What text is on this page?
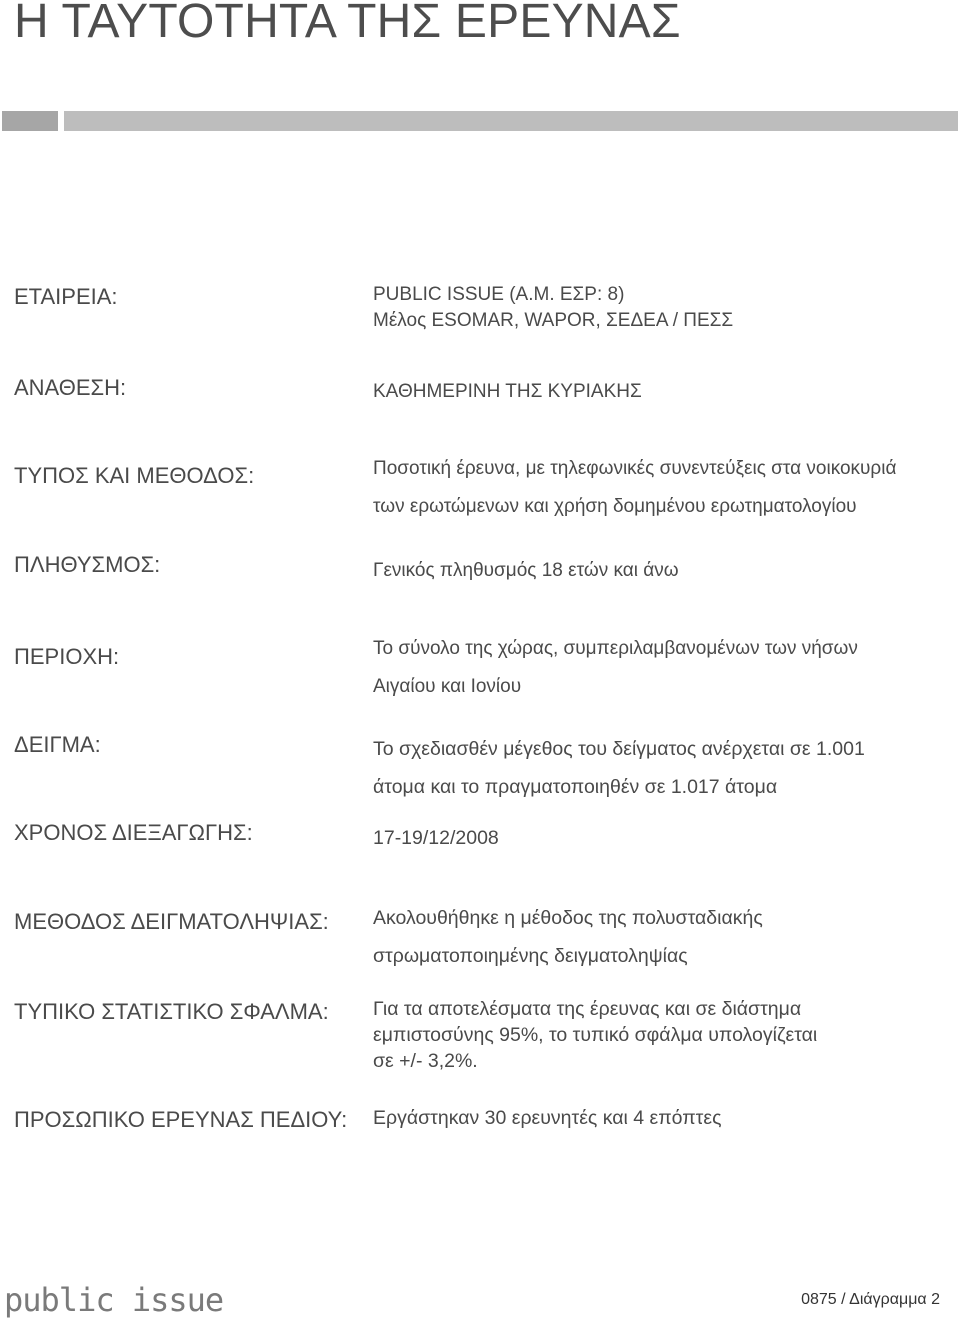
Η ΤΑΥΤΟΤΗΤΑ ΤΗΣ ΕΡΕΥΝΑΣ
ΕΤΑΙΡΕΙΑ:	PUBLIC ISSUE (A.M. ΕΣΡ: 8)
Μέλος ESOMAR, WAPOR, ΣΕΔΕΑ / ΠΕΣΣ
ΑΝΑΘΕΣΗ:	ΚΑΘΗΜΕΡΙΝΗ ΤΗΣ ΚΥΡΙΑΚΗΣ
ΤΥΠΟΣ ΚΑΙ ΜΕΘΟΔΟΣ:	Ποσοτική έρευνα, με τηλεφωνικές συνεντεύξεις στα νοικοκυριά
των ερωτώμενων και χρήση δομημένου ερωτηματολογίου
ΠΛΗΘΥΣΜΟΣ:	Γενικός πληθυσμός 18 ετών και άνω
ΠΕΡΙΟΧΗ:	Το σύνολο της χώρας, συμπεριλαμβανομένων των νήσων
Αιγαίου και Ιονίου
ΔΕΙΓΜΑ:	Το σχεδιασθέν μέγεθος του δείγματος ανέρχεται σε 1.001
άτομα και το πραγματοποιηθέν σε 1.017 άτομα
ΧΡΟΝΟΣ ΔΙΕΞΑΓΩΓΗΣ:	17-19/12/2008
ΜΕΘΟΔΟΣ ΔΕΙΓΜΑΤΟΛΗΨΙΑΣ: Ακολουθήθηκε η μέθοδος της πολυσταδιακής
στρωματοποιημένης δειγματοληψίας
ΤΥΠΙΚΟ ΣΤΑΤΙΣΤΙΚΟ ΣΦΑΛΜΑ: Για τα αποτελέσματα της έρευνας και σε διάστημα
εμπιστοσύνης 95%, το τυπικό σφάλμα υπολογίζεται
σε +/- 3,2%.
ΠΡΟΣΩΠΙΚΟ ΕΡΕΥΝΑΣ ΠΕΔΙΟΥ: Εργάστηκαν 30 ερευνητές και 4 επόπτες
public issue	0875 / Διάγραμμα 2
